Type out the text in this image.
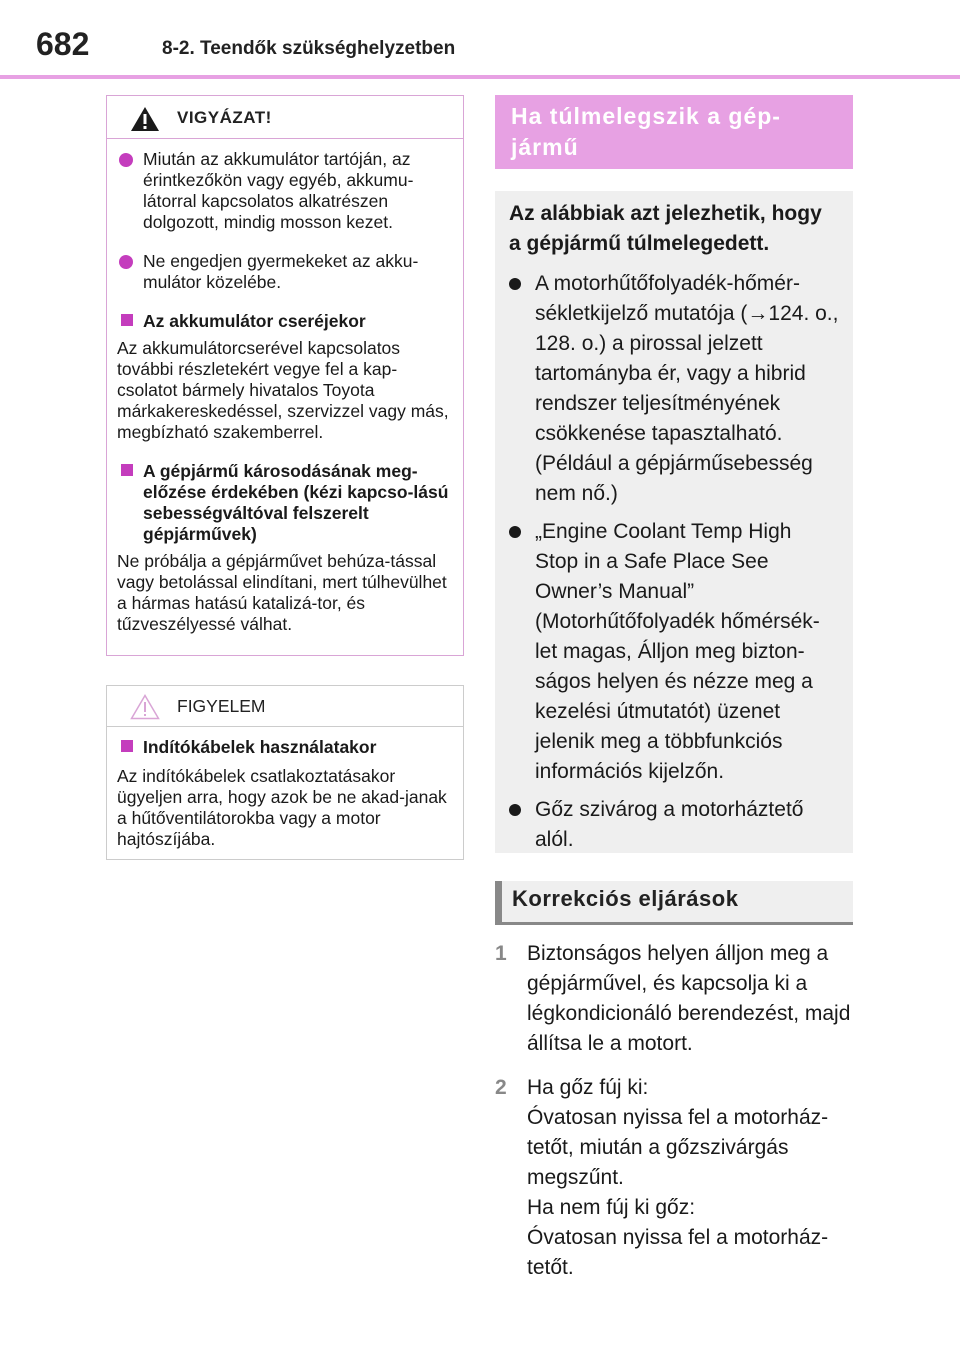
682	8-2. Teendők szükséghelyzetben
VIGYÁZAT!
Miután az akkumulátor tartóján, az érintkezőkön vagy egyéb, akkumu-látorral kapcsolatos alkatrészen dolgozott, mindig mosson kezet.
Ne engedjen gyermekeket az akku-mulátor közelébe.
Az akkumulátor cseréjekor
Az akkumulátorcserével kapcsolatos további részletekért vegye fel a kap-csolatot bármely hivatalos Toyota márkakereskedéssel, szervizzel vagy más, megbízható szakemberrel.
A gépjármű károsodásának meg-előzése érdekében (kézi kapcso-lású sebességváltóval felszerelt gépjárművek)
Ne próbálja a gépjárművet behúza-tással vagy betolással elindítani, mert túlhevülhet a hármas hatású katalizá-tor, és tűzveszélyessé válhat.
FIGYELEM
Indítókábelek használatakor
Az indítókábelek csatlakoztatásakor ügyeljen arra, hogy azok be ne akad-janak a hűtőventilátorokba vagy a motor hajtószíjába.
Ha túlmelegszik a gép-jármű
Az alábbiak azt jelezhetik, hogy a gépjármű túlmelegedett.
A motorhűtőfolyadék-hőmér-sékletkijelző mutatója (→124. o., 128. o.) a pirossal jelzett tartományba ér, vagy a hibrid rendszer teljesítményének csökkenése tapasztalható. (Például a gépjárműsebesség nem nő.)
„Engine Coolant Temp High Stop in a Safe Place See Owner’s Manual” (Motorhűtőfolyadék hőmérsék-let magas, Álljon meg bizton-ságos helyen és nézze meg a kezelési útmutatót) üzenet jelenik meg a többfunkciós információs kijelzőn.
Gőz szivárog a motorháztető alól.
Korrekciós eljárások
1 Biztonságos helyen álljon meg a gépjárművel, és kapcsolja ki a légkondicionáló berendezést, majd állítsa le a motort.
2 Ha gőz fúj ki:
Óvatosan nyissa fel a motorház-tetőt, miután a gőzszivárgás megszűnt.
Ha nem fúj ki gőz:
Óvatosan nyissa fel a motorház-tetőt.
